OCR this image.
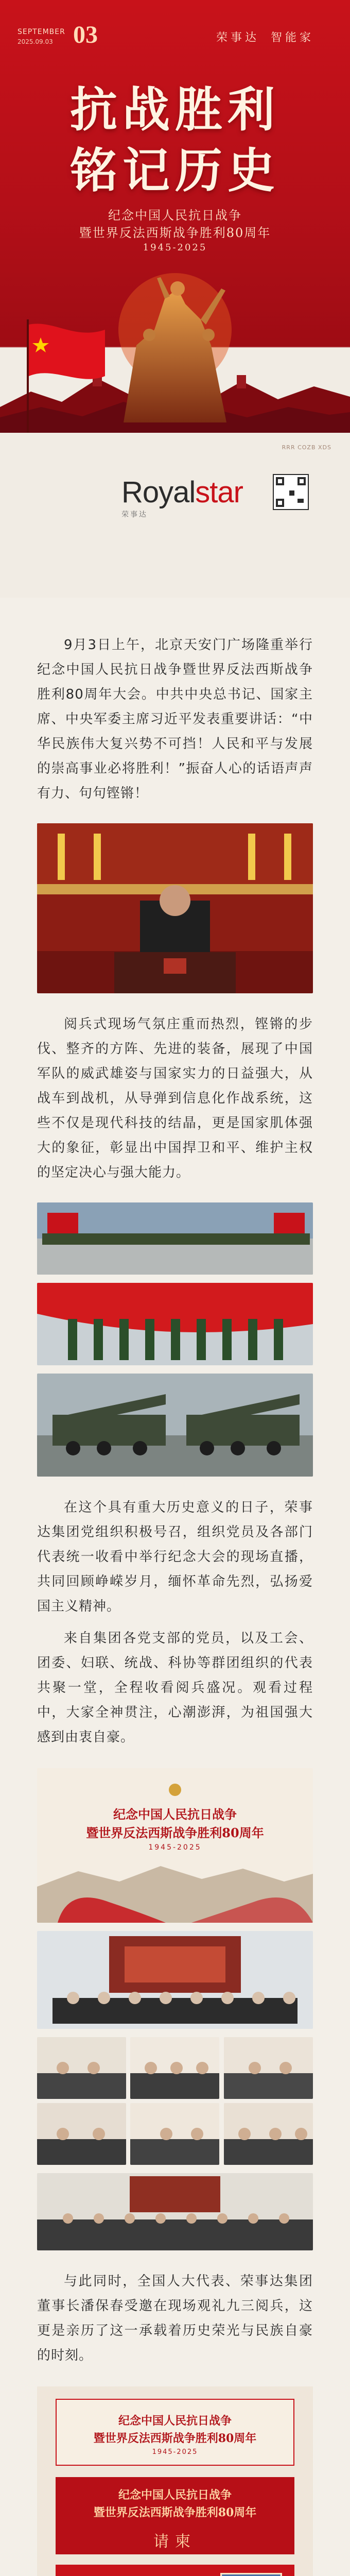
SEPTEMBER
2025.09.03 03	荣事达 智能家
抗战胜利
铭记历史
纪念中国人民抗日战争
暨世界反法西斯战争胜利80周年
1945-2025
RRR COZB XDS
Royalstar
荣事达

9月3日上午，北京天安门广场隆重举行纪念中国人民抗日战争暨世界反法西斯战争胜利80周年大会。中共中央总书记、国家主席、中央军委主席习近平发表重要讲话：“中华民族伟大复兴势不可挡！人民和平与发展的崇高事业必将胜利！”振奋人心的话语声声有力、句句铿锵！

阅兵式现场气氛庄重而热烈，铿锵的步伐、整齐的方阵、先进的装备，展现了中国军队的威武雄姿与国家实力的日益强大，从战车到战机，从导弹到信息化作战系统，这些不仅是现代科技的结晶，更是国家肌体强大的象征，彰显出中国捍卫和平、维护主权的坚定决心与强大能力。

在这个具有重大历史意义的日子，荣事达集团党组织积极号召，组织党员及各部门代表统一收看中举行纪念大会的现场直播，共同回顾峥嵘岁月，缅怀革命先烈，弘扬爱国主义精神。

来自集团各党支部的党员，以及工会、团委、妇联、统战、科协等群团组织的代表共聚一堂，全程收看阅兵盛况。观看过程中，大家全神贯注，心潮澎湃，为祖国强大感到由衷自豪。

纪念中国人民抗日战争
暨世界反法西斯战争胜利80周年
1945-2025

与此同时，全国人大代表、荣事达集团董事长潘保春受邀在现场观礼九三阅兵，这更是亲历了这一承载着历史荣光与民族自豪的时刻。

纪念中国人民抗日战争
暨世界反法西斯战争胜利80周年
1945-2025
纪念中国人民抗日战争
暨世界反法西斯战争胜利80周年
请柬
